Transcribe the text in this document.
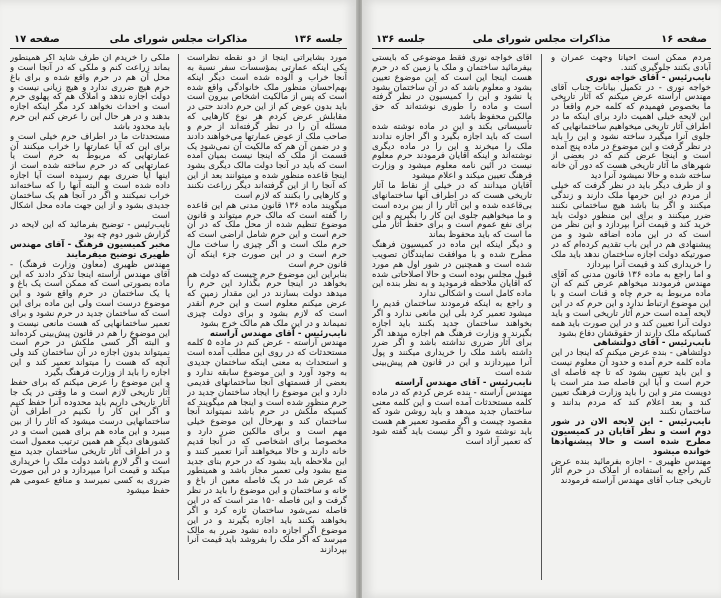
صفحه ۱۷	مذاکرات مجلس شورای ملی	جلسه ۱۳۶

مورد بشایراتی اینجا از دو نقطه نظراست یکی اینکه عمارتی بمؤسسات سفر نسبة به آنجا خراب و آلوده شده است دیگر اینکه بهم‌احسان منظور ملک خانوادگی واقع شده است که پس از مالکیت اشخاص بیرون است باید بدون عوض کم از این حرم دادند حتی در مقابلش عرض کردم هر نوع کارهایی که مسئله آن را در نظر گرفته‌اند از حرم و صاحب ملک از عوض عمارتها می‌خواهند دادند و در ضمن آن هم که مالکیت آن نمی‌شود یک قسمت از ملک که اینجا نیست بمیان آمده است که باید در آنجا دولت مالک دیگری بشود اینجا قاعده منظور شده و میتوانند بعد از این که آنجا را از این گرفته‌اند دیگر زراعت نکنند و کارهایی را بکنند که لازم است

میگویند ماده ۱۳۶ قانون مدنی هم این قاعده را گفته است که مالک حرم میتواند و قانون موضوع تنظیم شده از محل ملک که در آن حرم است و این حرم شامل اراضی است که حرم ملک است و اگر چیزی را ساخت مال حرم است و در این صورت جزء اینکه آن قانون حرم است

بنابراین این موضوع حرم چیست که دولت هم بخواهد در اینجا حرم بگذارد این حرم را میدهد دولت بسازند در این مقدار زمین که عرض میکنم معلوم است و این حرم آنقدر است که لازم بشود و برای دولت چیزی نمیماند و در این ملک هم مالک خرج بشود

نایب‌رئیس - آقای مهندس آراسته

مهندس آراسته - عرض کنم در ماده ۵ کلمه مستحدثات که در روی این مطلب آمده است و استحداث به معنی اینکه ساختمان جدیدی به وجود آورد و این موضوع سابقه ندارد و بعضی از قسمتهای آنجا ساختمانهای قدیمی دارد و این موضوع را ایجاد ساختمان جدید در حرم منظور شده است و اینجا هم میگویند که کسیکه ملکش در حرم باشد نمیتواند آنجا ساختمان کند و بهرحال این موضوع خیلی مهم است و برای مالکین ضرر دارد و مخصوصا برای اشخاصی که در آنجا قدیم خانه دارند و حالا میخواهند آنرا تعمیر کنند و این ملاحظه باید بشود که در حرم بنای جدید منع بشود ولی تعمیر مجاز باشد و همینطور که عرض شد در یک فاصله معین از باغ و خانه و ساختمان و این موضوع را باید در نظر گرفت و این فاصله ۱۵۰ متر است که در این فاصله نمی‌شود ساختمان تازه کرد و اگر بخواهند بکنند باید اجازه بگیرند و در این موضوع اگر اجازه داده نشود ضرر به مالک میرسد که اگر ملک را بفروشد باید قیمت آنرا بپردازند

ملکی را خریدم آن طرف شاید اگر همینطور بماند زراعت کنم و ملکی که در آنجا است و محل آن هم در حرم واقع شده و برای باغ حرم هیچ ضرری ندارد و هیچ زیانی نیست و دولت اجازه ندهد و املاک هم که پهلوی حرم است و احداث نخواهد کرد مگر اینکه اجازه بدهند و در هر حال این را عرض کنم این حرم باید محدود باشد

مستحدثات ما در اطراف حرم خیلی است و برای این که آیا عمارتها را خراب میکنند آن عمارتهایی که مربوط به حرم است یا عمارتهایی که در حرم ساخته شده است از اینها آیا ضرری بهم رسیده است آیا اجازه داده شده است و البته آنها را که ساخته‌اند خراب نمیکنند و اگر در آنجا هم یک ساختمان جدیدی بشود و از این جهت ماده محل اشکال است

نایب‌رئیس - توضیح بفرمائید که این لایحه در گزارش شور دوم چه بود

مخبر کمیسیون فرهنگ - آقای مهندس ظهیری توضیح میفرمایند

مهندس ظهیری (معاون وزارت فرهنگ) - آقای مهندس آراسته اینجا تذکر دادند که این ماده بصورتی است که ممکن است یک باغ و یا یک ساختمان در حرم واقع شود و این موضوع درست است ولی این ماده برای این است که ساختمان جدید در حرم نشود و برای تعمیر ساختمانهایی که هست مانعی نیست و این موضوع را هم در قانون پیش‌بینی کرده‌اند و البته اگر کسی ملکش در حرم است نمیتواند بدون اجازه در آن ساختمان کند ولی آنچه که هست را میتواند تعمیر کند و این اجازه را باید از وزارت فرهنگ بگیرد

و این موضوع را عرض میکنم که برای حفظ آثار تاریخی لازم است و ما وقتی در یک جا آثار تاریخی داریم باید محدوده آنرا حفظ کنیم و اگر این کار را نکنیم در اطراف آن ساختمانهایی درست میشود که آثار را از بین میبرد و این ماده هم برای همین است و در کشورهای دیگر هم همین ترتیب معمول است و در اطراف آثار تاریخی ساختمان جدید منع است و اگر لازم باشد دولت ملک را خریداری میکند و قیمت آنرا میپردازد و در این صورت ضرری به کسی نمیرسد و منافع عمومی هم حفظ میشود

جلسه ۱۳۶	مذاکرات مجلس شورای ملی	صفحه ۱۶

مردم ممکن است احیاناً وجهت عمران و آبادی بکنند جلوگیری کنند.

نایب‌رئیس - آقای خواجه نوری

خواجه نوری - در تکمیل بیانات جناب آقای مهندس آراسته عرض میکنم که آثار تاریخی ما بخصوص فهمیدم که کلمه حرم واقعاً در این لایحه خیلی اهمیت دارد برای اینکه ما در اطراف آثار تاریخی میخواهیم ساختمانهایی که جلوی آنرا میگیرد ساخته نشود و این را باید در نظر گرفت و این موضوع در ماده پنج آمده است و اینجا عرض کنم که در بعضی از شهرهای ما آثار تاریخی هست که دور آن خانه ساخته شده و حالا نمیشود آنرا دید

و از طرف دیگر باید در نظر گرفت که خیلی از مردم در این حرمها ملک دارند و زندگی میکنند و اگر بنا باشد هیچ ساختمانی نکنند ضرر میکنند و برای این منظور دولت باید خرید کند و قیمت آنرا بپردازد و این نظر من است که در این ماده اضافه شود و من پیشنهادی هم در این باب تقدیم کرده‌ام که در صورتیکه دولت اجازه ساختمان ندهد باید ملک را خریداری کند و قیمت آنرا بپردازد

و اما راجع به ماده ۱۳۶ قانون مدنی که آقای مهندس فرمودند میخواهم عرض کنم که آن ماده مربوط به حرم چاه و قنات است و با این موضوع ارتباط ندارد و این حرم که در این لایحه آمده است حرم آثار تاریخی است و باید دولت آنرا تعیین کند و در این صورت باید همه کسانیکه ملک دارند از حقوقشان دفاع بشود

نایب‌رئیس - آقای دولتشاهی

دولتشاهی - بنده عرض میکنم که اینجا در این ماده کلمه حرم آمده و حدود آن معلوم نیست و این باید تعیین بشود که تا چه فاصله ای حرم است و آیا این فاصله صد متر است یا دویست متر و این را باید وزارت فرهنگ تعیین کند و بعد اعلام کند که مردم بدانند و ساختمان نکنند

نایب‌رئیس - این لایحه الان در شور دوم است و نظر آقایان در کمیسیون مطرح شده است و حالا پیشنهادها خوانده میشود

مهندس ظهیری - اجازه بفرمائید بنده عرض کنم راجع به استفاده از املاک در حرم آثار تاریخی جناب آقای مهندس آراسته فرمودند

آقای خواجه نوری فقط موضوعی که بایستی بیفرمائید ساختمان و ملک یا زمین که در حرم هست اینجا این است که این موضوع تعیین بشود و معلوم باشد که در آن ساختمان بشود یا نشود و این را کمیسیون در نظر گرفته است و ماده را طوری نوشته‌اند که حق مالکین محفوظ باشد

تأسیساتی بکند و این در ماده نوشته شده است که باید اجازه بگیرد و اگر اجازه ندادند ملک را میخرند و این را در ماده دیگری نوشته‌اند و اینکه آقایان فرمودند حرم معلوم نیست در آئین نامه معلوم میشود و وزارت فرهنگ تعیین میکند و اعلام میشود

آقایان میدانند که در خیلی از نقاط ما آثار تاریخی هست که در اطراف آنها ساختمانهای بی‌قاعده شده و این آثار را از بین برده است و ما میخواهیم جلوی این کار را بگیریم و این برای نفع عموم است و برای حفظ آثار ملی ما است که باید محفوظ بماند

و دیگر اینکه این ماده در کمیسیون فرهنگ مطرح شده و با موافقت نمایندگان تصویب شده است و همچنین در شور اول هم مورد قبول مجلس بوده است و حالا اصلاحاتی شده که آقایان ملاحظه فرمودید و به نظر بنده این ماده کامل است و اشکالی ندارد

و راجع به اینکه فرمودند ساختمان قدیم را میشود تعمیر کرد بلی این مانعی ندارد و اگر بخواهند ساختمان جدید بکنند باید اجازه بگیرند و وزارت فرهنگ هم اجازه میدهد اگر برای آثار ضرری نداشته باشد و اگر ضرر داشته باشد ملک را خریداری میکنند و پول آنرا میپردازند و این در قانون هم پیش‌بینی شده است

نایب‌رئیس - آقای مهندس آراسته

مهندس آراسته - بنده عرض کردم که در ماده کلمه مستحدثات آمده است و این کلمه معنی ساختمان جدید میدهد و باید روشن شود که مقصود چیست و اگر مقصود تعمیر هم هست باید نوشته شود و اگر نیست باید گفته شود که تعمیر آزاد است
